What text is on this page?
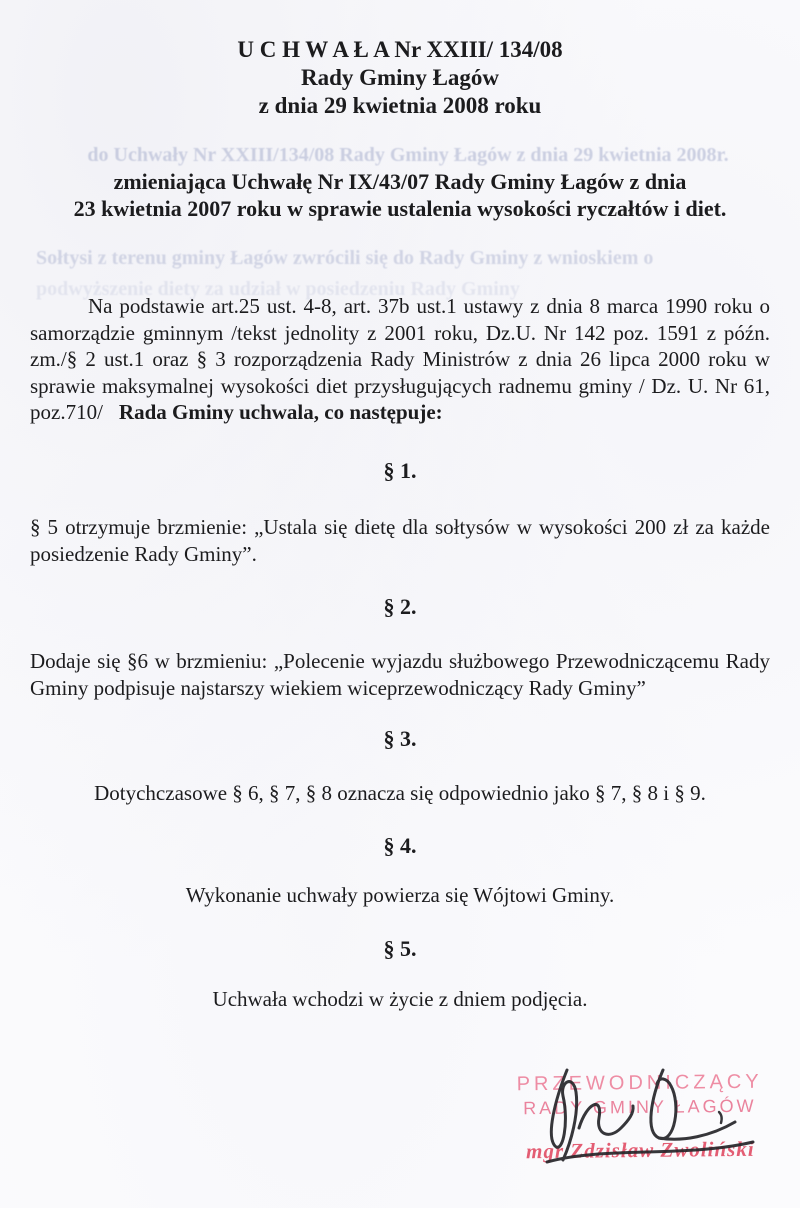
U C H W A Ł A Nr XXIII/ 134/08
Rady Gminy Łagów
z dnia 29 kwietnia 2008 roku
do Uchwały Nr XXIII/134/08 Rady Gminy Łagów z dnia 29 kwietnia 2008r.
zmieniająca Uchwałę Nr IX/43/07 Rady Gminy Łagów z dnia
23 kwietnia 2007 roku w sprawie ustalenia wysokości ryczałtów i diet.
Sołtysi z terenu gminy Łagów zwrócili się do Rady Gminy z wnioskiem o
podwyższenie diety za udział w posiedzeniu Rady Gminy

Na podstawie art.25 ust. 4-8, art. 37b ust.1 ustawy z dnia 8 marca 1990 roku o samorządzie gminnym /tekst jednolity z 2001 roku, Dz.U. Nr 142 poz. 1591 z późn. zm./§ 2 ust.1 oraz § 3 rozporządzenia Rady Ministrów z dnia 26 lipca 2000 roku w sprawie maksymalnej wysokości diet przysługujących radnemu gminy / Dz. U. Nr 61, poz.710/ Rada Gminy uchwala, co następuje:

§ 1.
§ 5 otrzymuje brzmienie: „Ustala się dietę dla sołtysów w wysokości 200 zł za każde posiedzenie Rady Gminy”.
§ 2.
Dodaje się §6 w brzmieniu: „Polecenie wyjazdu służbowego Przewodniczącemu Rady Gminy podpisuje najstarszy wiekiem wiceprzewodniczący Rady Gminy”
§ 3.
Dotychczasowe § 6, § 7, § 8 oznacza się odpowiednio jako § 7, § 8 i § 9.
§ 4.
Wykonanie uchwały powierza się Wójtowi Gminy.
§ 5.
Uchwała wchodzi w życie z dniem podjęcia.
PRZEWODNICZĄCY
RADY GMINY ŁAGÓW
mgr Zdzisław Zwoliński
